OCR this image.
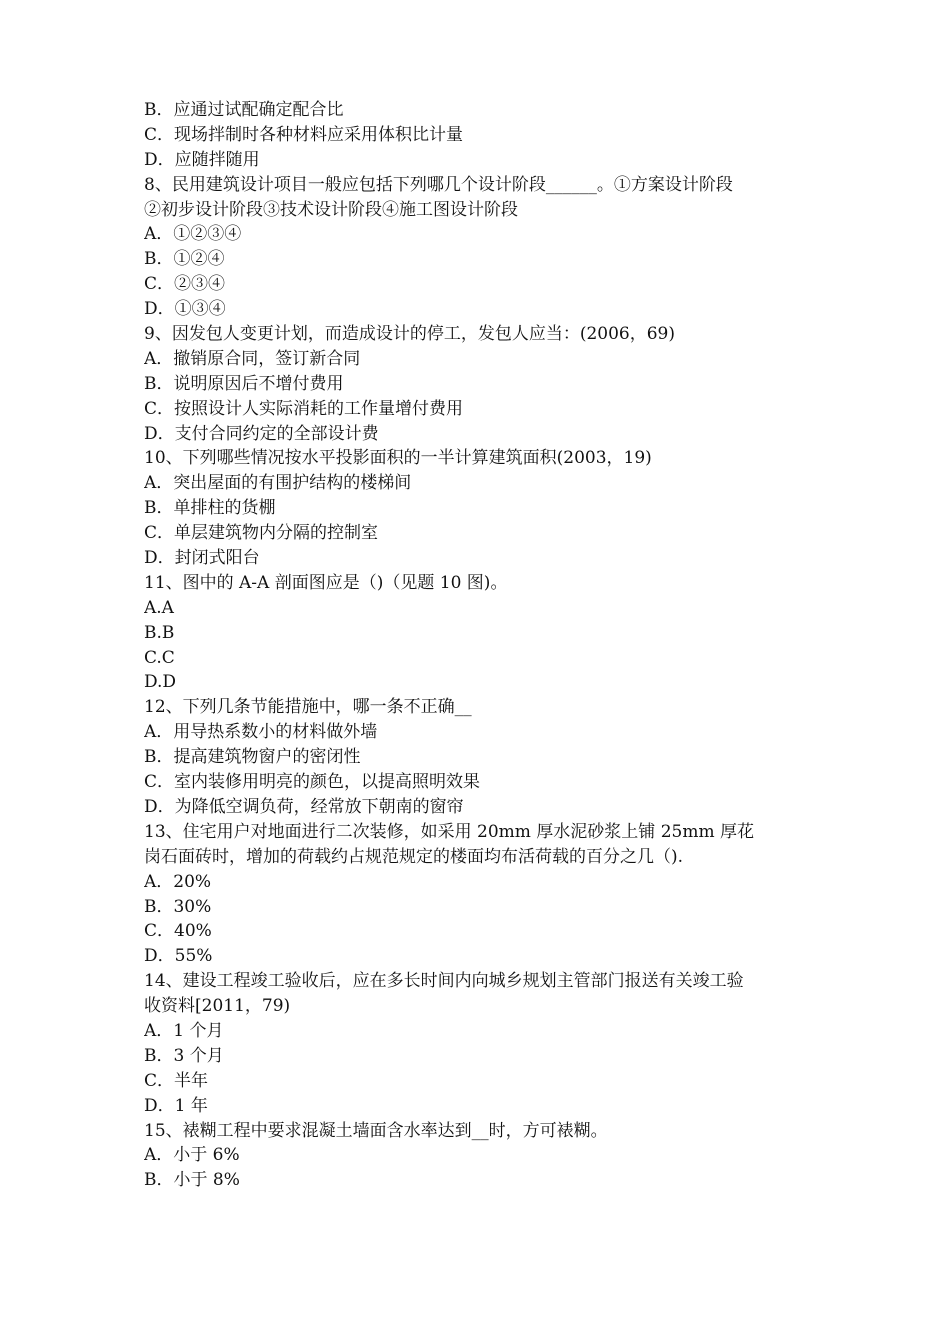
B．应通过试配确定配合比
C．现场拌制时各种材料应采用体积比计量
D．应随拌随用
8、民用建筑设计项目一般应包括下列哪几个设计阶段______。①方案设计阶段
②初步设计阶段③技术设计阶段④施工图设计阶段
A．①②③④
B．①②④
C．②③④
D．①③④
9、因发包人变更计划，而造成设计的停工，发包人应当：(2006，69)
A．撤销原合同，签订新合同
B．说明原因后不增付费用
C．按照设计人实际消耗的工作量增付费用
D．支付合同约定的全部设计费
10、下列哪些情况按水平投影面积的一半计算建筑面积(2003，19)
A．突出屋面的有围护结构的楼梯间
B．单排柱的货棚
C．单层建筑物内分隔的控制室
D．封闭式阳台
11、图中的 A-A 剖面图应是（)（见题 10 图)。
A.A
B.B
C.C
D.D
12、下列几条节能措施中，哪一条不正确__
A．用导热系数小的材料做外墙
B．提高建筑物窗户的密闭性
C．室内装修用明亮的颜色，以提高照明效果
D．为降低空调负荷，经常放下朝南的窗帘
13、住宅用户对地面进行二次装修，如采用 20mm 厚水泥砂浆上铺 25mm 厚花
岗石面砖时，增加的荷载约占规范规定的楼面均布活荷载的百分之几（).
A．20%
B．30%
C．40%
D．55%
14、建设工程竣工验收后，应在多长时间内向城乡规划主管部门报送有关竣工验
收资料[2011，79)
A．1 个月
B．3 个月
C．半年
D．1 年
15、裱糊工程中要求混凝土墙面含水率达到__时，方可裱糊。
A．小于 6%
B．小于 8%
